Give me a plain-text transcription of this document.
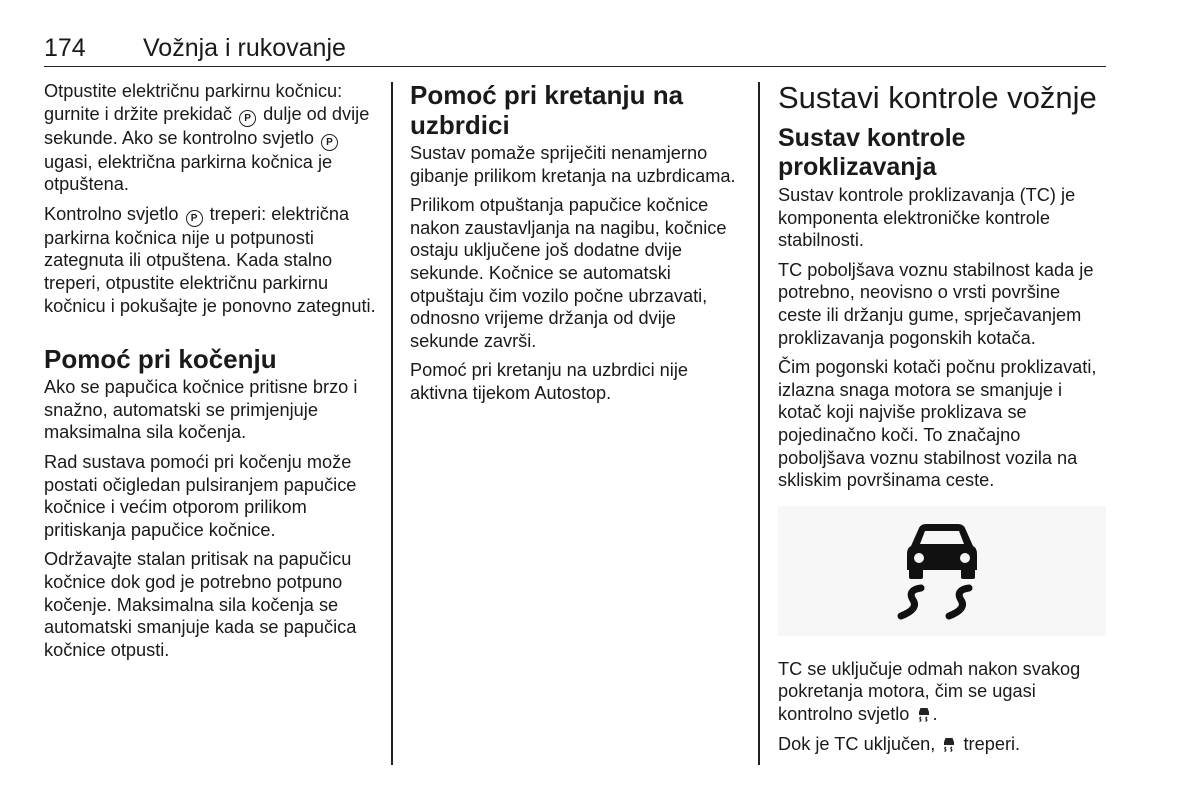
174 Vožnja i rukovanje

Otpustite električnu parkirnu kočnicu: gurnite i držite prekidač P dulje od dvije sekunde. Ako se kontrolno svjetlo P ugasi, električna parkirna kočnica je otpuštena.

Kontrolno svjetlo P treperi: električna parkirna kočnica nije u potpunosti zategnuta ili otpuštena. Kada stalno treperi, otpustite električnu parkirnu kočnicu i pokušajte je ponovno zategnuti.

Pomoć pri kočenju

Ako se papučica kočnice pritisne brzo i snažno, automatski se primjenjuje maksimalna sila kočenja.

Rad sustava pomoći pri kočenju može postati očigledan pulsiranjem papučice kočnice i većim otporom prilikom pritiskanja papučice kočnice.

Održavajte stalan pritisak na papučicu kočnice dok god je potrebno potpuno kočenje. Maksimalna sila kočenja se automatski smanjuje kada se papučica kočnice otpusti.

Pomoć pri kretanju na uzbrdici

Sustav pomaže spriječiti nenamjerno gibanje prilikom kretanja na uzbrdicama.

Prilikom otpuštanja papučice kočnice nakon zaustavljanja na nagibu, kočnice ostaju uključene još dodatne dvije sekunde. Kočnice se automatski otpuštaju čim vozilo počne ubrzavati, odnosno vrijeme držanja od dvije sekunde završi.

Pomoć pri kretanju na uzbrdici nije aktivna tijekom Autostop.

Sustavi kontrole vožnje
Sustav kontrole proklizavanja

Sustav kontrole proklizavanja (TC) je komponenta elektroničke kontrole stabilnosti.

TC poboljšava voznu stabilnost kada je potrebno, neovisno o vrsti površine ceste ili držanju gume, sprječavanjem proklizavanja pogonskih kotača.

Čim pogonski kotači počnu proklizavati, izlazna snaga motora se smanjuje i kotač koji najviše proklizava se pojedinačno koči. To značajno poboljšava voznu stabilnost vozila na skliskim površinama ceste.

TC se uključuje odmah nakon svakog pokretanja motora, čim se ugasi kontrolno svjetlo .

Dok je TC uključen, treperi.
